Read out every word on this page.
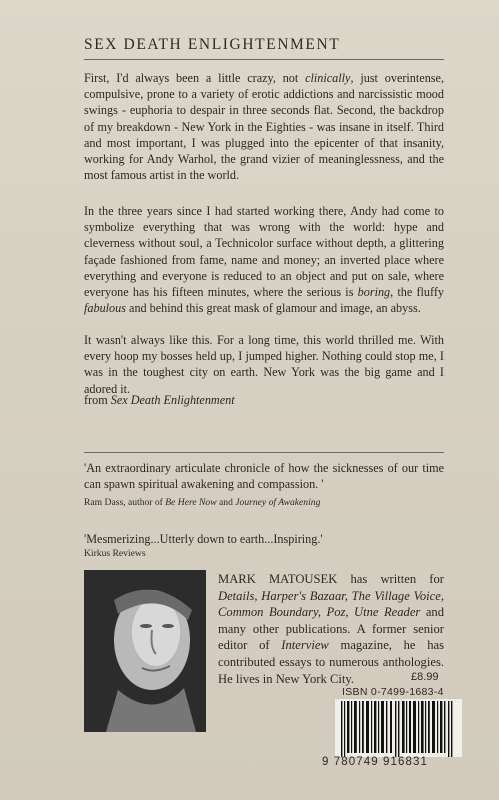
SEX DEATH ENLIGHTENMENT
First, I'd always been a little crazy, not clinically, just overintense, compulsive, prone to a variety of erotic addictions and narcissistic mood swings - euphoria to despair in three seconds flat. Second, the backdrop of my breakdown - New York in the Eighties - was insane in itself. Third and most important, I was plugged into the epicenter of that insanity, working for Andy Warhol, the grand vizier of meaninglessness, and the most famous artist in the world.
In the three years since I had started working there, Andy had come to symbolize everything that was wrong with the world: hype and cleverness without soul, a Technicolor surface without depth, a glittering façade fashioned from fame, name and money; an inverted place where everything and everyone is reduced to an object and put on sale, where everyone has his fifteen minutes, where the serious is boring, the fluffy fabulous and behind this great mask of glamour and image, an abyss.
It wasn't always like this. For a long time, this world thrilled me. With every hoop my bosses held up, I jumped higher. Nothing could stop me, I was in the toughest city on earth. New York was the big game and I adored it.
from Sex Death Enlightenment
'An extraordinary articulate chronicle of how the sicknesses of our time can spawn spiritual awakening and compassion. '
Ram Dass, author of Be Here Now and Journey of Awakening
'Mesmerizing...Utterly down to earth...Inspiring.'
Kirkus Reviews
MARK MATOUSEK has written for Details, Harper's Bazaar, The Village Voice, Common Boundary, Poz, Utne Reader and many other publications. A former senior editor of Interview magazine, he has contributed essays to numerous anthologies. He lives in New York City.	£8.99
ISBN 0-7499-1683-4
9 780749 916831
